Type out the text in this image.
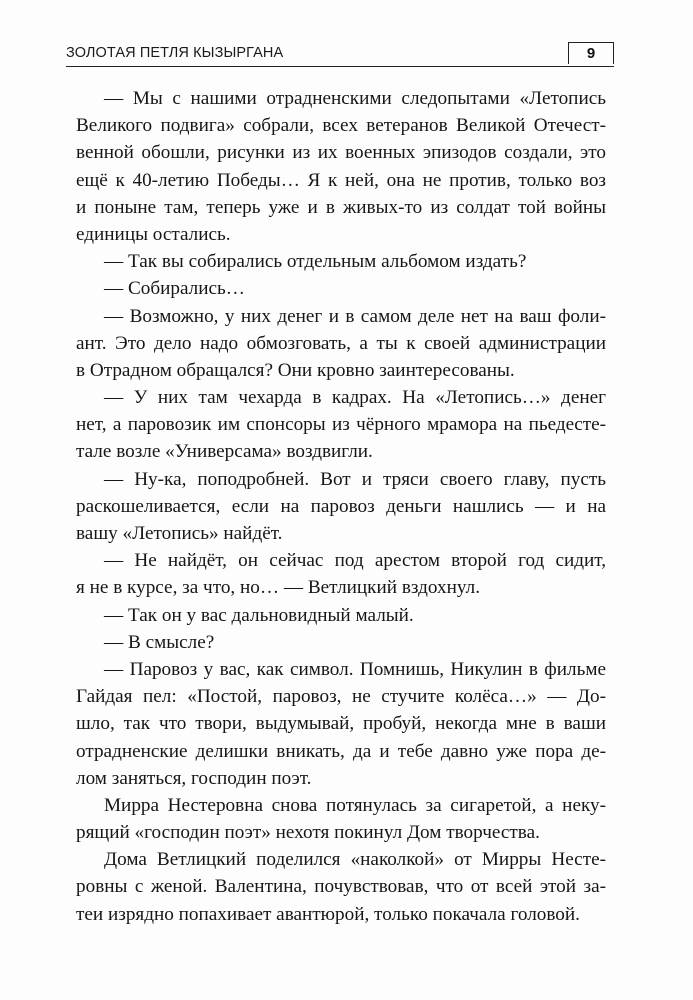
ЗОЛОТАЯ ПЕТЛЯ КЫЗЫРГАНА	9
— Мы с нашими отрадненскими следопытами «Летопись
Великого подвига» собрали, всех ветеранов Великой Отечест-
венной обошли, рисунки из их военных эпизодов создали, это
ещё к 40-летию Победы… Я к ней, она не против, только воз
и поныне там, теперь уже и в живых-то из солдат той войны
единицы остались.
— Так вы собирались отдельным альбомом издать?
— Собирались…
— Возможно, у них денег и в самом деле нет на ваш фоли-
ант. Это дело надо обмозговать, а ты к своей администрации
в Отрадном обращался? Они кровно заинтересованы.
— У них там чехарда в кадрах. На «Летопись…» денег
нет, а паровозик им спонсоры из чёрного мрамора на пьедеcте-
тале возле «Универсама» воздвигли.
— Ну-ка, поподробней. Вот и тряси своего главу, пусть
раскошеливается, если на паровоз деньги нашлись — и на
вашу «Летопись» найдёт.
— Не найдёт, он сейчас под арестом второй год сидит,
я не в курсе, за что, но… — Ветлицкий вздохнул.
— Так он у вас дальновидный малый.
— В смысле?
— Паровоз у вас, как символ. Помнишь, Никулин в фильме
Гайдая пел: «Постой, паровоз, не стучите колёса…» — До-
шло, так что твори, выдумывай, пробуй, некогда мне в ваши
отрадненские делишки вникать, да и тебе давно уже пора де-
лом заняться, господин поэт.
Мирра Нестеровна снова потянулась за сигаретой, а неку-
рящий «господин поэт» нехотя покинул Дом творчества.
Дома Ветлицкий поделился «наколкой» от Мирры Несте-
ровны с женой. Валентина, почувствовав, что от всей этой за-
теи изрядно попахивает авантюрой, только покачала головой.
